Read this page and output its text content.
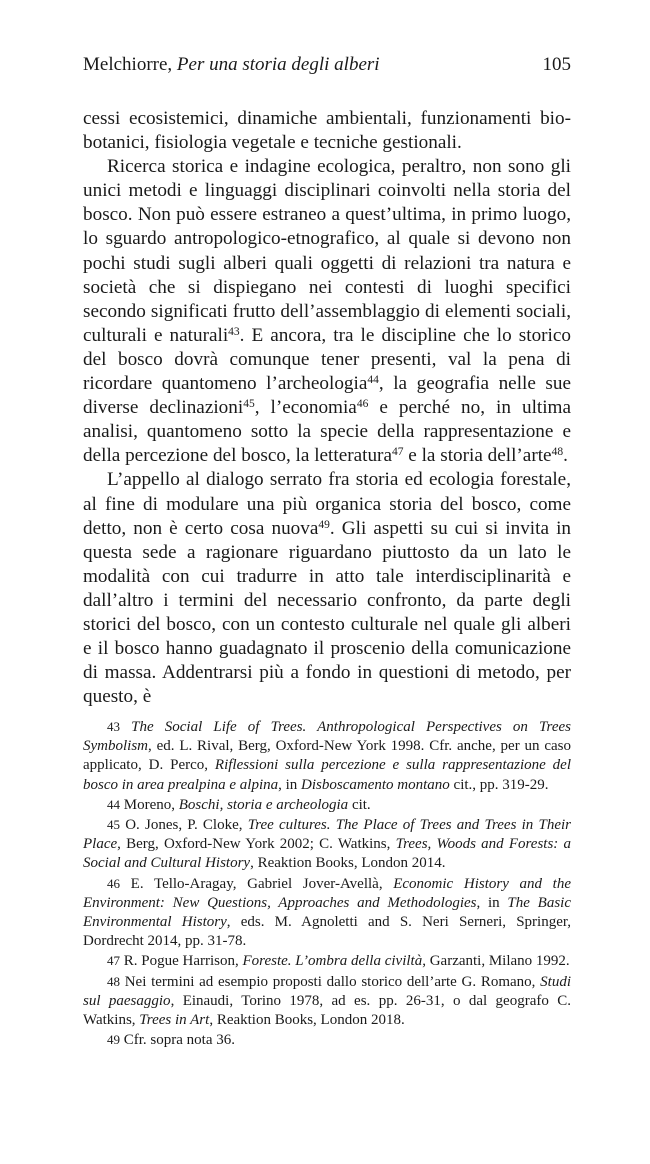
Melchiorre, Per una storia degli alberi	105

cessi ecosistemici, dinamiche ambientali, funzionamenti bio-botanici, fisiologia vegetale e tecniche gestionali.

Ricerca storica e indagine ecologica, peraltro, non sono gli unici metodi e linguaggi disciplinari coinvolti nella storia del bosco. Non può essere estraneo a quest’ultima, in primo luogo, lo sguardo antropologico-etnografico, al quale si devono non pochi studi sugli alberi quali oggetti di relazioni tra natura e società che si dispiegano nei contesti di luoghi specifici secondo significati frutto dell’assemblaggio di elementi sociali, culturali e naturali$^{43}$. E ancora, tra le discipline che lo storico del bosco dovrà comunque tener presenti, val la pena di ricordare quantomeno l’archeologia$^{44}$, la geografia nelle sue diverse declinazioni$^{45}$, l’economia$^{46}$ e perché no, in ultima analisi, quantomeno sotto la specie della rappresentazione e della percezione del bosco, la letteratura$^{47}$ e la storia dell’arte$^{48}$.

L’appello al dialogo serrato fra storia ed ecologia forestale, al fine di modulare una più organica storia del bosco, come detto, non è certo cosa nuova$^{49}$. Gli aspetti su cui si invita in questa sede a ragionare riguardano piuttosto da un lato le modalità con cui tradurre in atto tale interdisciplinarità e dall’altro i termini del necessario confronto, da parte degli storici del bosco, con un contesto culturale nel quale gli alberi e il bosco hanno guadagnato il proscenio della comunicazione di massa. Addentrarsi più a fondo in questioni di metodo, per questo, è

43 The Social Life of Trees. Anthropological Perspectives on Trees Symbolism, ed. L. Rival, Berg, Oxford-New York 1998. Cfr. anche, per un caso applicato, D. Perco, Riflessioni sulla percezione e sulla rappresentazione del bosco in area prealpina e alpina, in Disboscamento montano cit., pp. 319-29.

44 Moreno, Boschi, storia e archeologia cit.

45 O. Jones, P. Cloke, Tree cultures. The Place of Trees and Trees in Their Place, Berg, Oxford-New York 2002; C. Watkins, Trees, Woods and Forests: a Social and Cultural History, Reaktion Books, London 2014.

46 E. Tello-Aragay, Gabriel Jover-Avellà, Economic History and the Environment: New Questions, Approaches and Methodologies, in The Basic Environmental History, eds. M. Agnoletti and S. Neri Serneri, Springer, Dordrecht 2014, pp. 31-78.

47 R. Pogue Harrison, Foreste. L’ombra della civiltà, Garzanti, Milano 1992.

48 Nei termini ad esempio proposti dallo storico dell’arte G. Romano, Studi sul paesaggio, Einaudi, Torino 1978, ad es. pp. 26-31, o dal geografo C. Watkins, Trees in Art, Reaktion Books, London 2018.

49 Cfr. sopra nota 36.
